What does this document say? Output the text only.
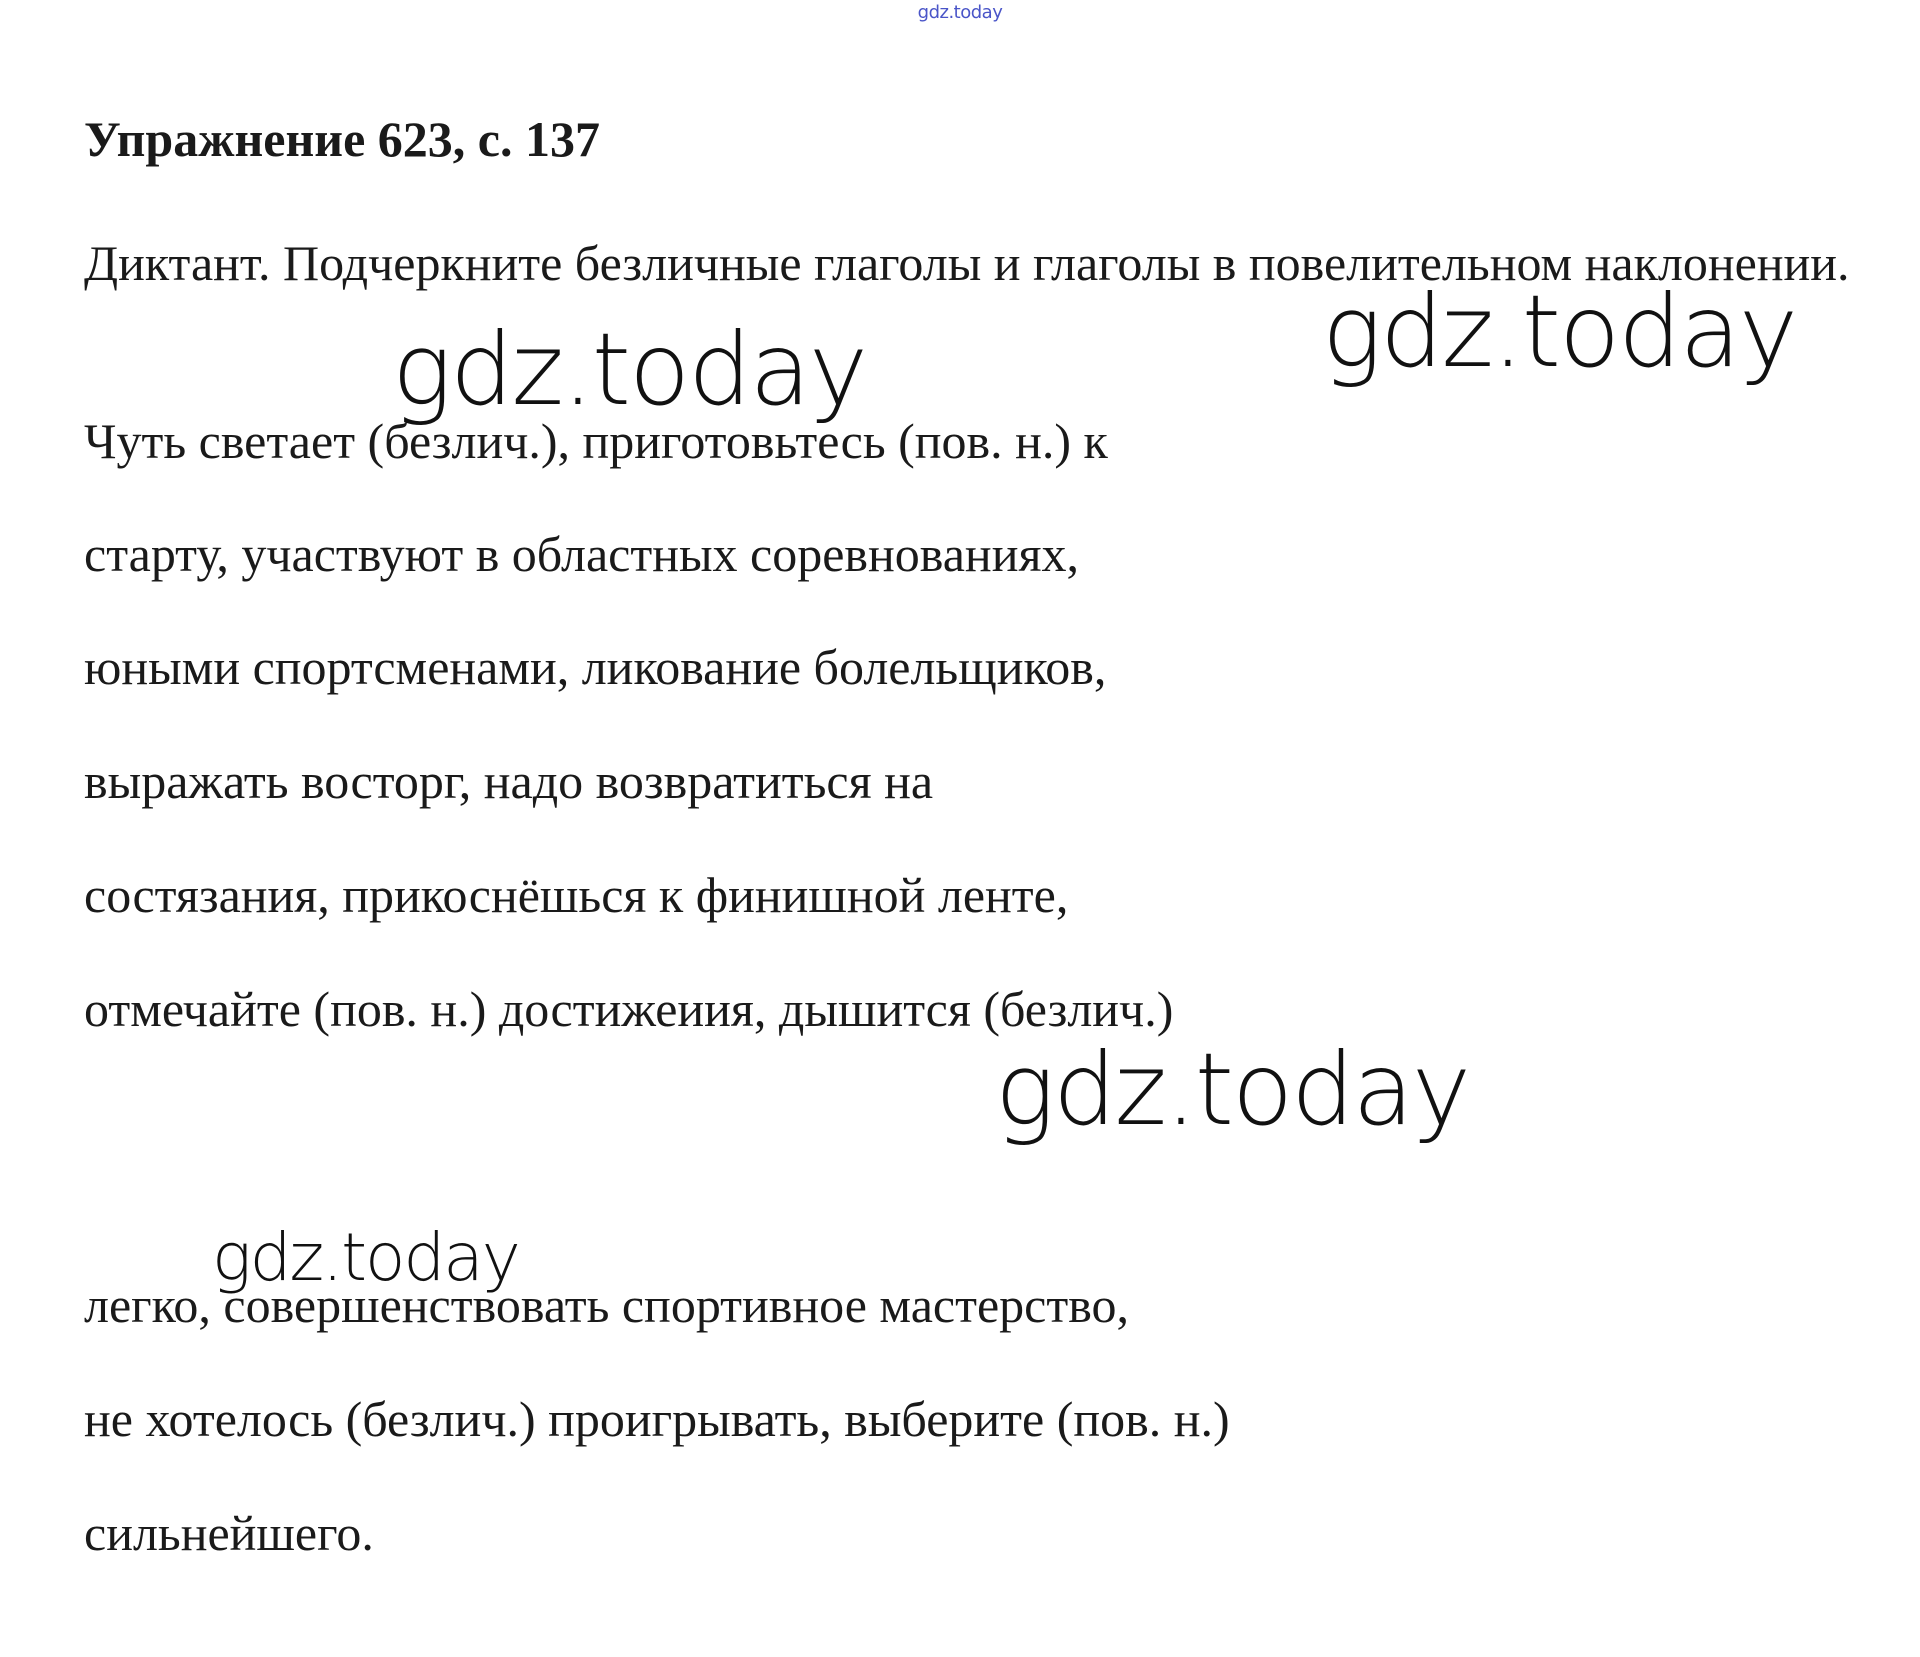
gdz.today
Упражнение 623, с. 137
Диктант. Подчеркните безличные глаголы и глаголы в повелительном наклонении.
Чуть светает (безлич.), приготовьтесь (пов. н.) к
старту, участвуют в областных соревнованиях,
юными спортсменами, ликование болельщиков,
выражать восторг, надо возвратиться на
состязания, прикоснёшься к финишной ленте,
отмечайте (пов. н.) достижеиия, дышится (безлич.)
легко, совершенствовать спортивное мастерство,
не хотелось (безлич.) проигрывать, выберите (пов. н.)
сильнейшего.
gdz.today
gdz.today
gdz.today
gdz.today
